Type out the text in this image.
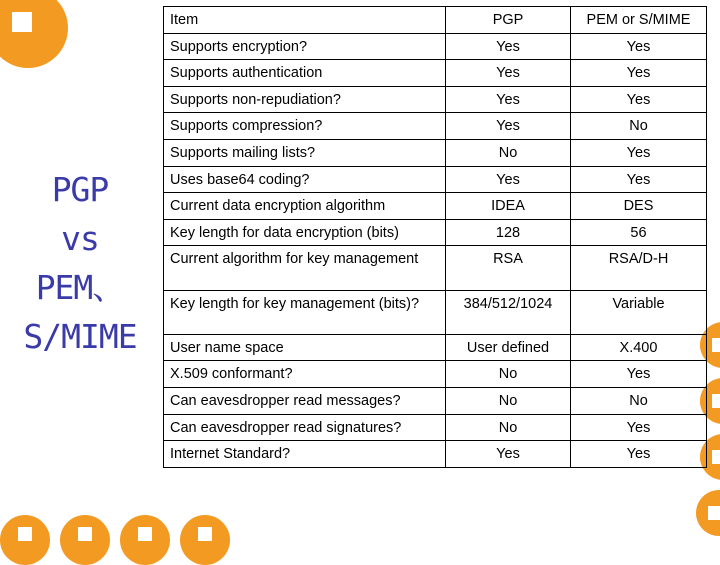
PGP
vs
PEM、
S/MIME
Item	PGP	PEM or S/MIME

Supports encryption?	Yes	Yes

Supports authentication	Yes	Yes

Supports non-repudiation?	Yes	Yes

Supports compression?	Yes	No

Supports mailing lists?	No	Yes

Uses base64 coding?	Yes	Yes

Current data encryption algorithm	IDEA	DES

Key length for data encryption (bits)	128	56

Current algorithm for key management	RSA	RSA/D-H

Key length for key management (bits)?	384/512/1024	Variable

User name space	User defined	X.400

X.509 conformant?	No	Yes

Can eavesdropper read messages?	No	No

Can eavesdropper read signatures?	No	Yes

Internet Standard?	Yes	Yes
